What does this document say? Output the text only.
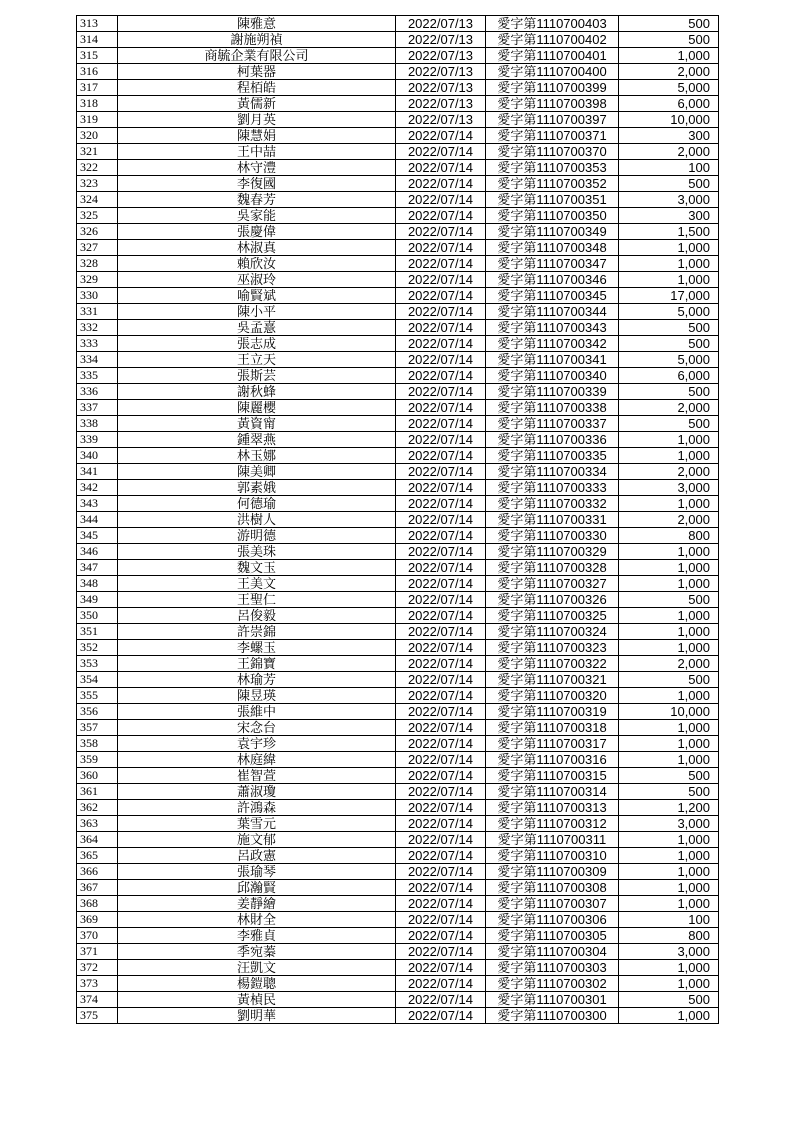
313	陳雅意	2022/07/13	愛字第1110700403	500
314	謝施朔禎	2022/07/13	愛字第1110700402	500
315	商毓企業有限公司	2022/07/13	愛字第1110700401	1,000
316	柯葉器	2022/07/13	愛字第1110700400	2,000
317	程栢皓	2022/07/13	愛字第1110700399	5,000
318	黃儒新	2022/07/13	愛字第1110700398	6,000
319	劉月英	2022/07/13	愛字第1110700397	10,000
320	陳慧娟	2022/07/14	愛字第1110700371	300
321	王中喆	2022/07/14	愛字第1110700370	2,000
322	林守澧	2022/07/14	愛字第1110700353	100
323	李復國	2022/07/14	愛字第1110700352	500
324	魏春芳	2022/07/14	愛字第1110700351	3,000
325	吳家能	2022/07/14	愛字第1110700350	300
326	張慶偉	2022/07/14	愛字第1110700349	1,500
327	林淑真	2022/07/14	愛字第1110700348	1,000
328	賴欣汝	2022/07/14	愛字第1110700347	1,000
329	巫淑玲	2022/07/14	愛字第1110700346	1,000
330	喻賢斌	2022/07/14	愛字第1110700345	17,000
331	陳小平	2022/07/14	愛字第1110700344	5,000
332	吳孟憙	2022/07/14	愛字第1110700343	500
333	張志成	2022/07/14	愛字第1110700342	500
334	王立天	2022/07/14	愛字第1110700341	5,000
335	張斯芸	2022/07/14	愛字第1110700340	6,000
336	謝秋蜂	2022/07/14	愛字第1110700339	500
337	陳麗櫻	2022/07/14	愛字第1110700338	2,000
338	黃資甯	2022/07/14	愛字第1110700337	500
339	鍾翠燕	2022/07/14	愛字第1110700336	1,000
340	林玉娜	2022/07/14	愛字第1110700335	1,000
341	陳美卿	2022/07/14	愛字第1110700334	2,000
342	郭素娥	2022/07/14	愛字第1110700333	3,000
343	何德瑜	2022/07/14	愛字第1110700332	1,000
344	洪樹人	2022/07/14	愛字第1110700331	2,000
345	游明德	2022/07/14	愛字第1110700330	800
346	張美珠	2022/07/14	愛字第1110700329	1,000
347	魏文玉	2022/07/14	愛字第1110700328	1,000
348	王美文	2022/07/14	愛字第1110700327	1,000
349	王聖仁	2022/07/14	愛字第1110700326	500
350	呂俊毅	2022/07/14	愛字第1110700325	1,000
351	許崇錦	2022/07/14	愛字第1110700324	1,000
352	李螺玉	2022/07/14	愛字第1110700323	1,000
353	王錦寶	2022/07/14	愛字第1110700322	2,000
354	林瑜芳	2022/07/14	愛字第1110700321	500
355	陳昱瑛	2022/07/14	愛字第1110700320	1,000
356	張維中	2022/07/14	愛字第1110700319	10,000
357	宋念台	2022/07/14	愛字第1110700318	1,000
358	袁宇珍	2022/07/14	愛字第1110700317	1,000
359	林庭緯	2022/07/14	愛字第1110700316	1,000
360	崔智萱	2022/07/14	愛字第1110700315	500
361	蕭淑瓊	2022/07/14	愛字第1110700314	500
362	許鴻森	2022/07/14	愛字第1110700313	1,200
363	葉雪元	2022/07/14	愛字第1110700312	3,000
364	施文郁	2022/07/14	愛字第1110700311	1,000
365	呂政憲	2022/07/14	愛字第1110700310	1,000
366	張瑜琴	2022/07/14	愛字第1110700309	1,000
367	邱瀚賢	2022/07/14	愛字第1110700308	1,000
368	姜靜繪	2022/07/14	愛字第1110700307	1,000
369	林財全	2022/07/14	愛字第1110700306	100
370	李雅貞	2022/07/14	愛字第1110700305	800
371	季宛蓁	2022/07/14	愛字第1110700304	3,000
372	汪凱文	2022/07/14	愛字第1110700303	1,000
373	楊鎧聰	2022/07/14	愛字第1110700302	1,000
374	黃楨民	2022/07/14	愛字第1110700301	500
375	劉明華	2022/07/14	愛字第1110700300	1,000
